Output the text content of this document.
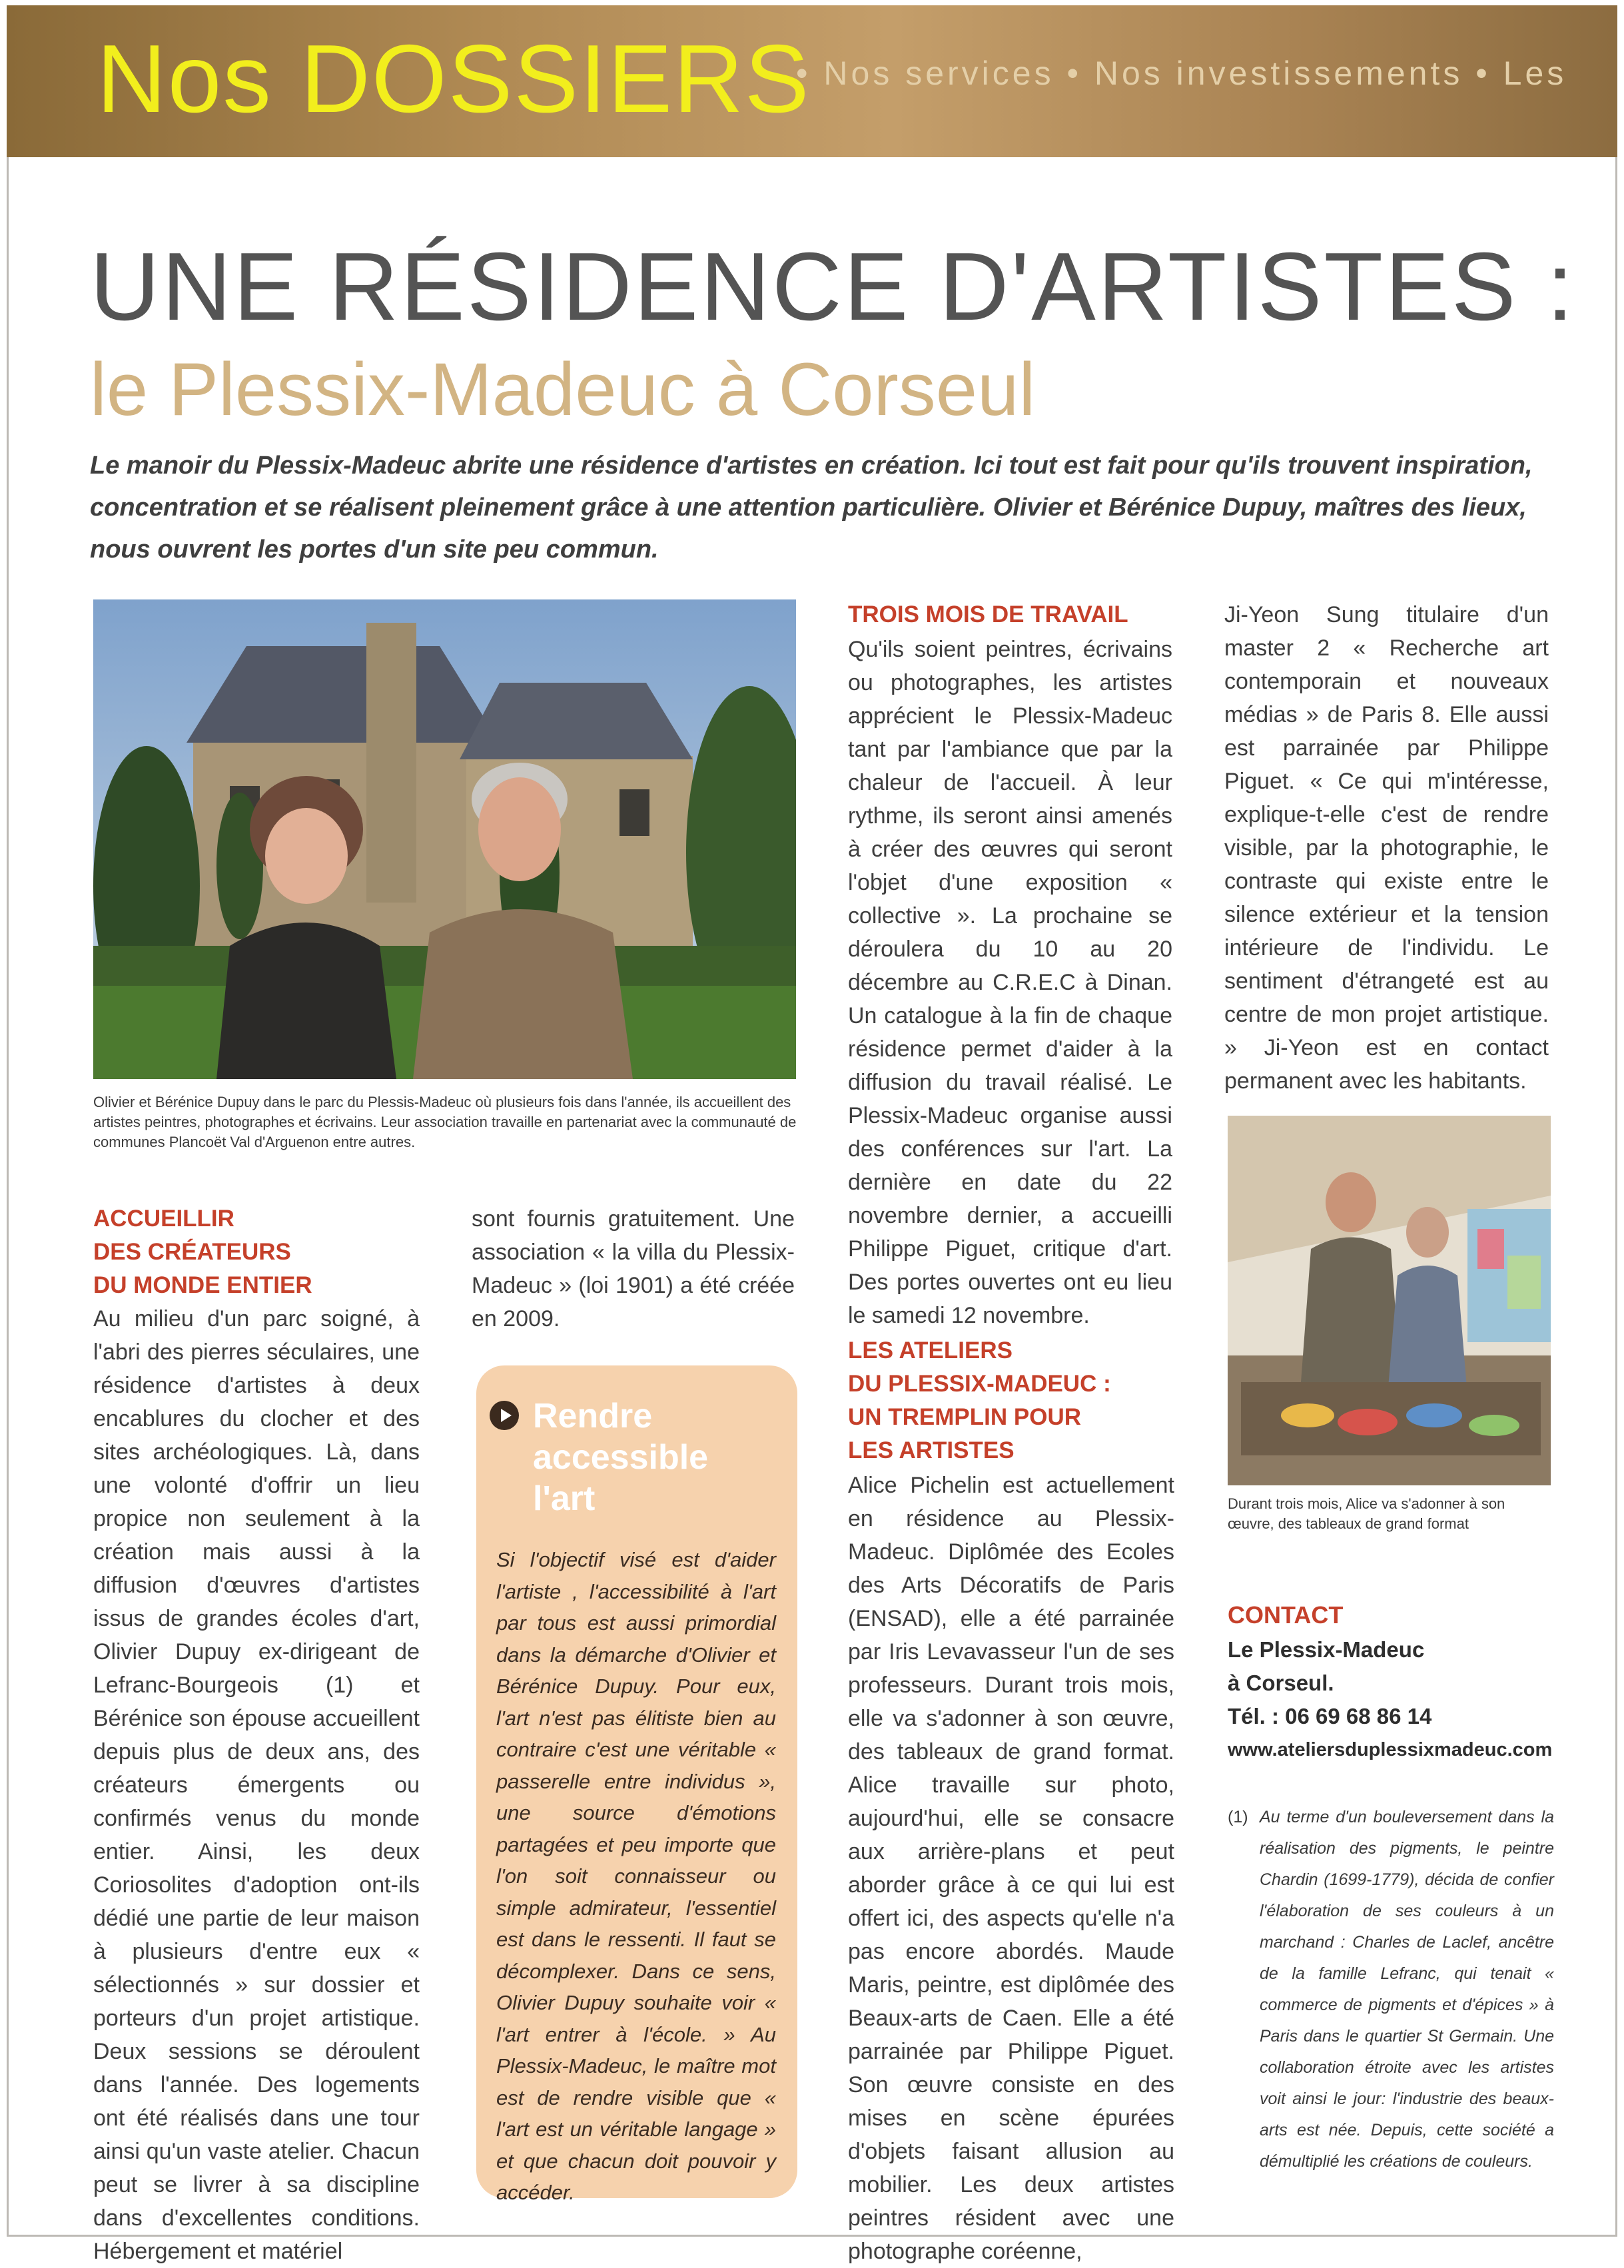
Nos DOSSIERS
• Nos services • Nos investissements • Les
UNE RÉSIDENCE D'ARTISTES :
le Plessix-Madeuc à Corseul
Le manoir du Plessix-Madeuc abrite une résidence d'artistes en création. Ici tout est fait pour qu'ils trouvent inspiration, concentration et se réalisent pleinement grâce à une attention particulière. Olivier et Bérénice Dupuy, maîtres des lieux, nous ouvrent les portes d'un site peu commun.
Olivier et Bérénice Dupuy dans le parc du Plessis-Madeuc où plusieurs fois dans l'année, ils accueillent des artistes peintres, photographes et écrivains. Leur association travaille en partenariat avec la communauté de communes Plancoët Val d'Arguenon entre autres.
ACCUEILLIR
DES CRÉATEURS
DU MONDE ENTIER
Au milieu d'un parc soigné, à l'abri des pierres séculaires, une résidence d'artistes à deux encablures du clocher et des sites archéologiques. Là, dans une volonté d'offrir un lieu propice non seulement à la création mais aussi à la diffusion d'œuvres d'artistes issus de grandes écoles d'art, Olivier Dupuy ex-dirigeant de Lefranc-Bourgeois (1) et Bérénice son épouse accueillent depuis plus de deux ans, des créateurs émergents ou confirmés venus du monde entier. Ainsi, les deux Coriosolites d'adoption ont-ils dédié une partie de leur maison à plusieurs d'entre eux « sélectionnés » sur dossier et porteurs d'un projet artistique. Deux sessions se déroulent dans l'année. Des logements ont été réalisés dans une tour ainsi qu'un vaste atelier. Chacun peut se livrer à sa discipline dans d'excellentes conditions. Hébergement et matériel
sont fournis gratuitement. Une association « la villa du Plessix-Madeuc » (loi 1901) a été créée en 2009.
Rendre
accessible
l'art
Si l'objectif visé est d'aider l'artiste , l'accessibilité à l'art par tous est aussi primordial dans la démarche d'Olivier et Bérénice Dupuy. Pour eux, l'art n'est pas élitiste bien au contraire c'est une véritable « passerelle entre individus », une source d'émotions partagées et peu importe que l'on soit connaisseur ou simple admirateur, l'essentiel est dans le ressenti. Il faut se décomplexer. Dans ce sens, Olivier Dupuy souhaite voir « l'art entrer à l'école. » Au Plessix-Madeuc, le maître mot est de rendre visible que « l'art est un véritable langage » et que chacun doit pouvoir y accéder.
TROIS MOIS DE TRAVAIL
Qu'ils soient peintres, écrivains ou photographes, les artistes apprécient le Plessix-Madeuc tant par l'ambiance que par la chaleur de l'accueil. À leur rythme, ils seront ainsi amenés à créer des œuvres qui seront l'objet d'une exposition « collective ». La prochaine se déroulera du 10 au 20 décembre au C.R.E.C à Dinan. Un catalogue à la fin de chaque résidence permet d'aider à la diffusion du travail réalisé. Le Plessix-Madeuc organise aussi des conférences sur l'art. La dernière en date du 22 novembre dernier, a accueilli Philippe Piguet, critique d'art. Des portes ouvertes ont eu lieu le samedi 12 novembre.
LES ATELIERS
DU PLESSIX-MADEUC :
UN TREMPLIN POUR
LES ARTISTES
Alice Pichelin est actuellement en résidence au Plessix-Madeuc. Diplômée des Ecoles des Arts Décoratifs de Paris (ENSAD), elle a été parrainée par Iris Levavasseur l'un de ses professeurs. Durant trois mois, elle va s'adonner à son œuvre, des tableaux de grand format. Alice travaille sur photo, aujourd'hui, elle se consacre aux arrière-plans et peut aborder grâce à ce qui lui est offert ici, des aspects qu'elle n'a pas encore abordés. Maude Maris, peintre, est diplômée des Beaux-arts de Caen. Elle a été parrainée par Philippe Piguet. Son œuvre consiste en des mises en scène épurées d'objets faisant allusion au mobilier. Les deux artistes peintres résident avec une photographe coréenne,
Ji-Yeon Sung titulaire d'un master 2 « Recherche art contemporain et nouveaux médias » de Paris 8. Elle aussi est parrainée par Philippe Piguet. « Ce qui m'intéresse, explique-t-elle c'est de rendre visible, par la photographie, le contraste qui existe entre le silence extérieur et la tension intérieure de l'individu. Le sentiment d'étrangeté est au centre de mon projet artistique. » Ji-Yeon est en contact permanent avec les habitants.
Durant trois mois, Alice va s'adonner à son œuvre, des tableaux de grand format
CONTACT
Le Plessix-Madeuc
à Corseul.
Tél. : 06 69 68 86 14
www.ateliersduplessixmadeuc.com
(1) Au terme d'un bouleversement dans la réalisation des pigments, le peintre Chardin (1699-1779), décida de confier l'élaboration de ses couleurs à un marchand : Charles de Laclef, ancêtre de la famille Lefranc, qui tenait « commerce de pigments et d'épices » à Paris dans le quartier St Germain. Une collaboration étroite avec les artistes voit ainsi le jour: l'industrie des beaux-arts est née. Depuis, cette société a démultiplié les créations de couleurs.
